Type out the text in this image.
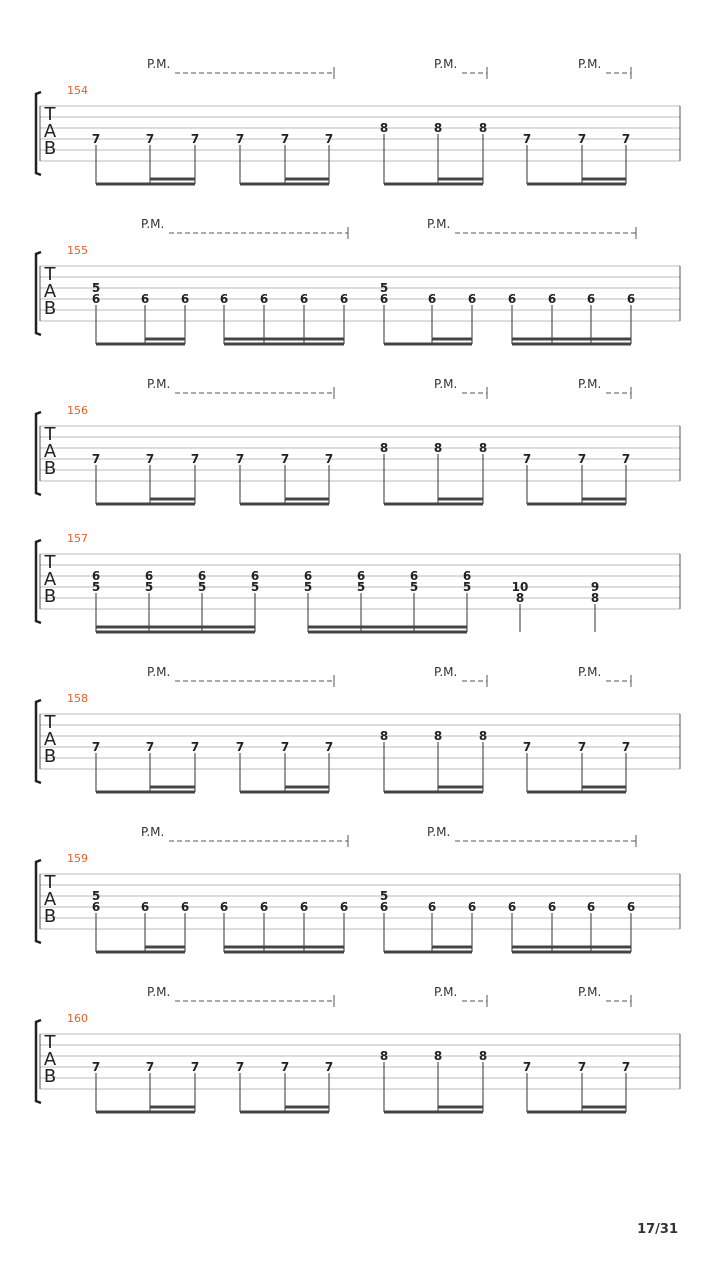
T
A
B
154
P.M.	P.M.	P.M.
7	7	7	7	7	7
8	8	8
7	7	7
T
A
B
155
P.M.	P.M.
6
5
6	6	6	6	6	6	6
5
6	6	6	6	6	6
T
A
B
156
P.M.	P.M.	P.M.
7	7	7	7	7	7
8	8	8
7	7	7
T
A
B
157
6
5
6
5
6
5
6
5
6
5
6
5
6
5
6
5	10
8
9
8
T
A
B
158
P.M.	P.M.	P.M.
7	7	7	7	7	7
8	8	8
7	7	7
T
A
B
159
P.M.	P.M.
6
5
6	6	6	6	6	6	6
5
6	6	6	6	6	6
T
A
B
160
P.M.	P.M.	P.M.
7	7	7	7	7	7
8	8	8
7	7	7
17/31
